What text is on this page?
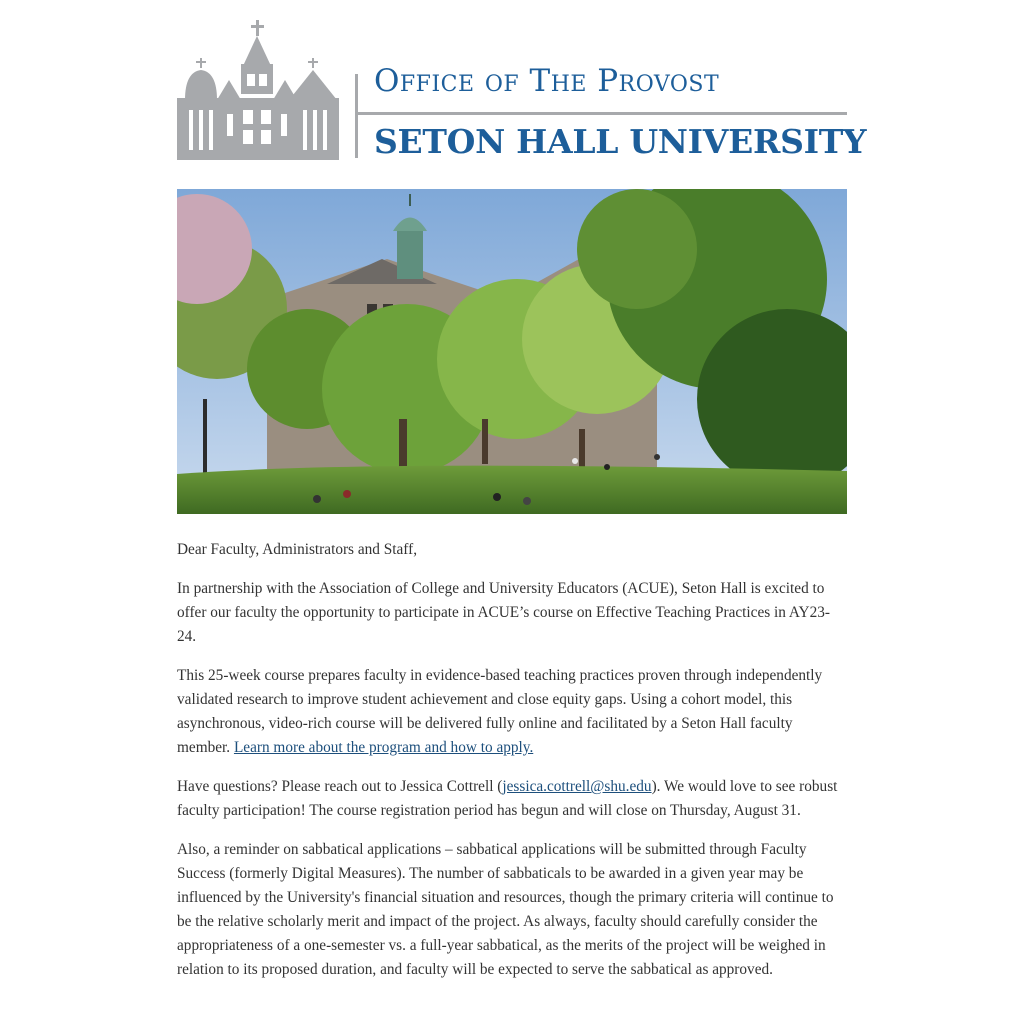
Office of The Provost
SETON HALL UNIVERSITY

Dear Faculty, Administrators and Staff,

In partnership with the Association of College and University Educators (ACUE), Seton Hall is excited to offer our faculty the opportunity to participate in ACUE’s course on Effective Teaching Practices in AY23-24.

This 25-week course prepares faculty in evidence-based teaching practices proven through independently validated research to improve student achievement and close equity gaps. Using a cohort model, this asynchronous, video-rich course will be delivered fully online and facilitated by a Seton Hall faculty member. Learn more about the program and how to apply.

Have questions? Please reach out to Jessica Cottrell (jessica.cottrell@shu.edu). We would love to see robust faculty participation! The course registration period has begun and will close on Thursday, August 31.

Also, a reminder on sabbatical applications – sabbatical applications will be submitted through Faculty Success (formerly Digital Measures). The number of sabbaticals to be awarded in a given year may be influenced by the University's financial situation and resources, though the primary criteria will continue to be the relative scholarly merit and impact of the project. As always, faculty should carefully consider the appropriateness of a one-semester vs. a full-year sabbatical, as the merits of the project will be weighed in relation to its proposed duration, and faculty will be expected to serve the sabbatical as approved.
